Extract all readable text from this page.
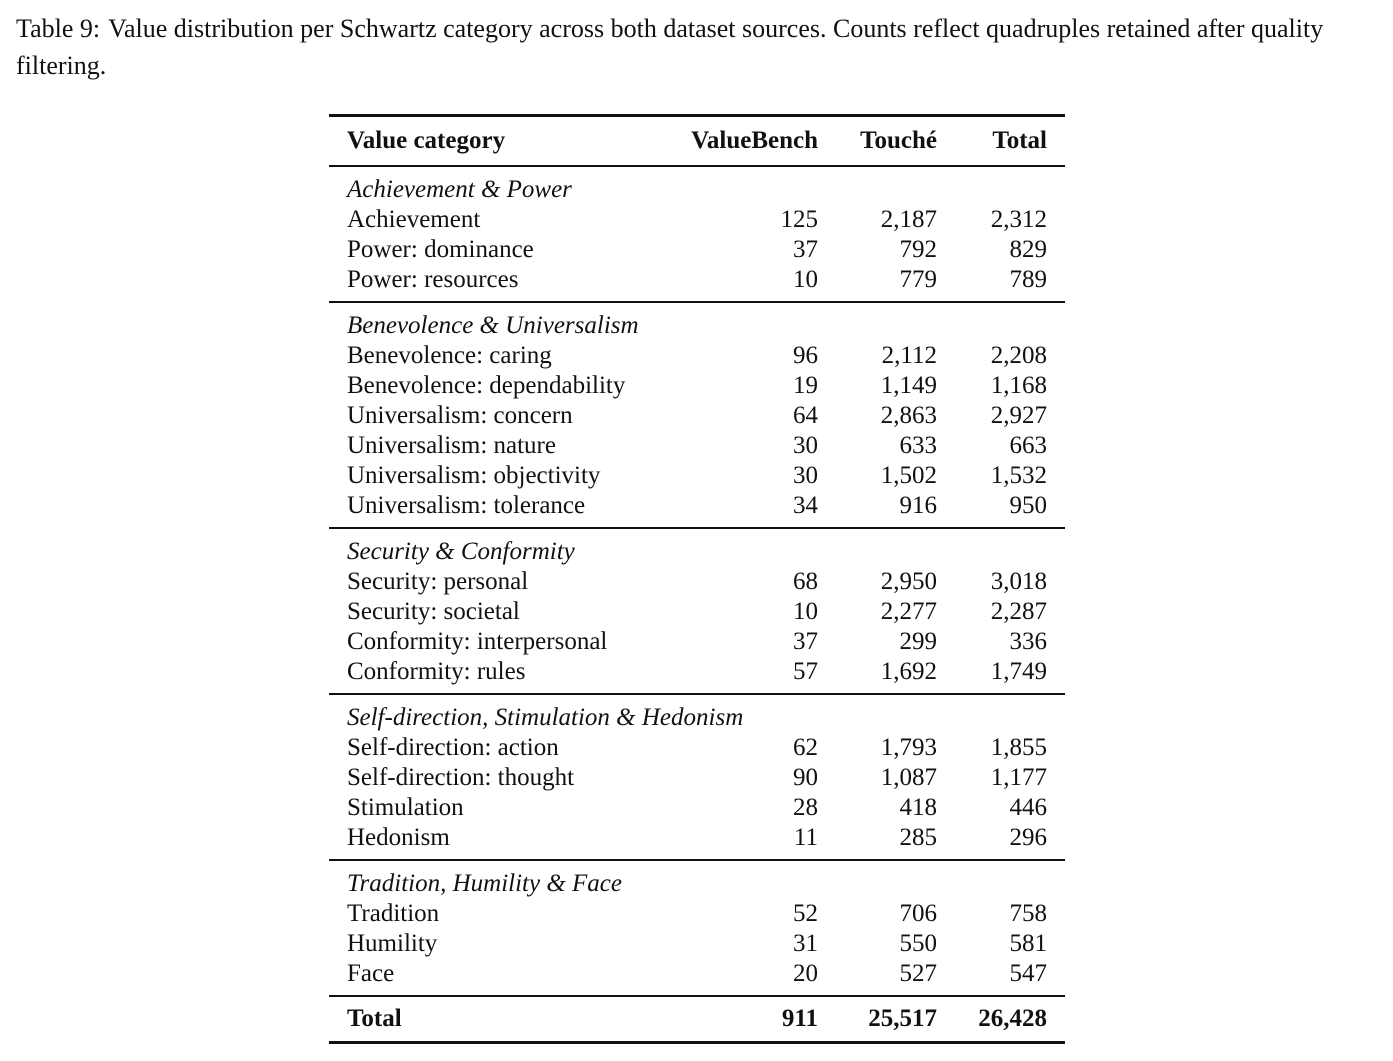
Table 9: Value distribution per Schwartz category across both dataset sources. Counts reflect quadruples retained after quality filtering.

Value category	ValueBench	Touché	Total
Achievement & Power			
Achievement	125	2,187	2,312
Power: dominance	37	792	829
Power: resources	10	779	789
Benevolence & Universalism			
Benevolence: caring	96	2,112	2,208
Benevolence: dependability	19	1,149	1,168
Universalism: concern	64	2,863	2,927
Universalism: nature	30	633	663
Universalism: objectivity	30	1,502	1,532
Universalism: tolerance	34	916	950
Security & Conformity			
Security: personal	68	2,950	3,018
Security: societal	10	2,277	2,287
Conformity: interpersonal	37	299	336
Conformity: rules	57	1,692	1,749
Self-direction, Stimulation & Hedonism			
Self-direction: action	62	1,793	1,855
Self-direction: thought	90	1,087	1,177
Stimulation	28	418	446
Hedonism	11	285	296
Tradition, Humility & Face			
Tradition	52	706	758
Humility	31	550	581
Face	20	527	547
Total	911	25,517	26,428
